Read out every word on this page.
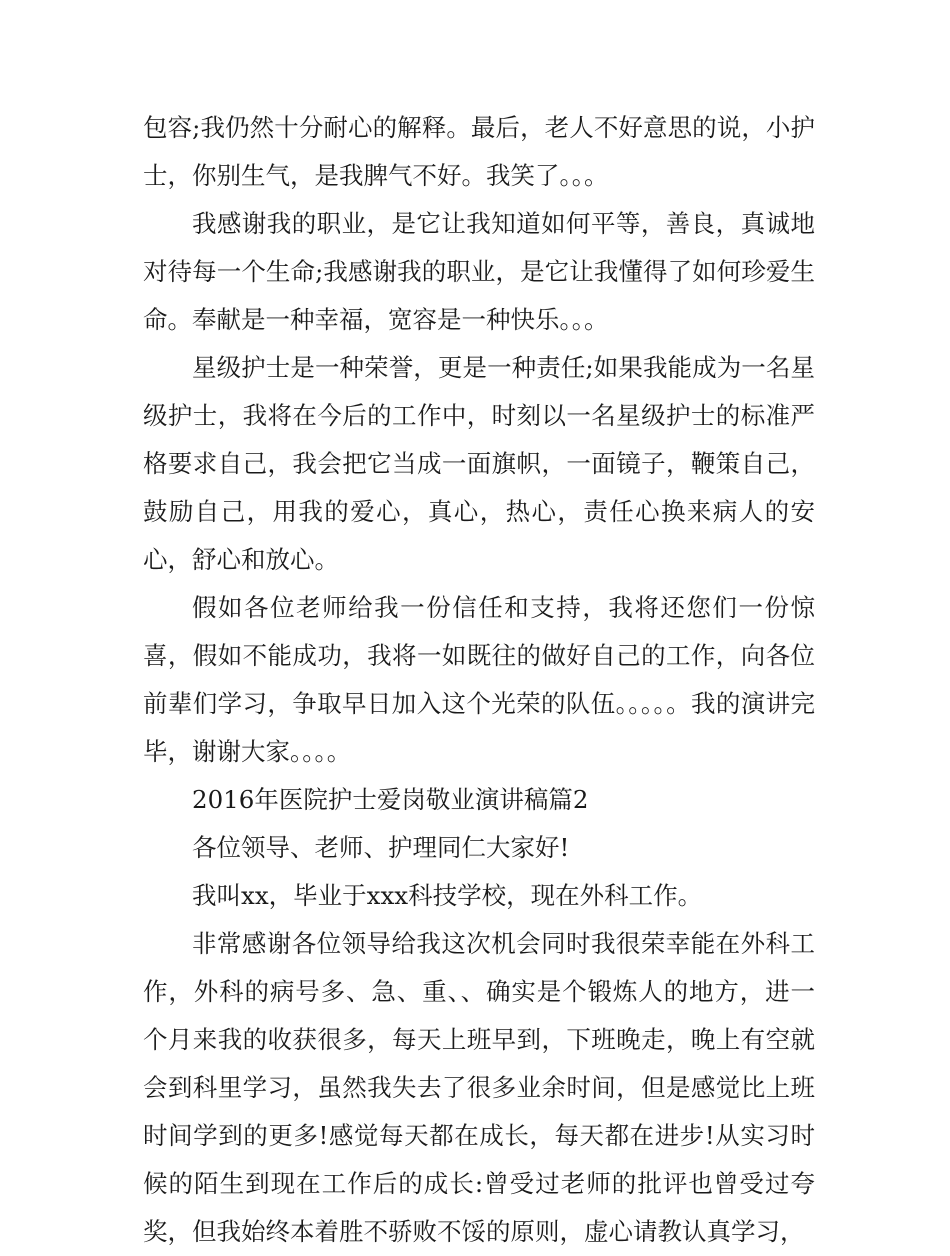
包容;我仍然十分耐心的解释。最后，老人不好意思的说，小护士，你别生气，是我脾气不好。我笑了。。。

我感谢我的职业，是它让我知道如何平等，善良，真诚地对待每一个生命;我感谢我的职业，是它让我懂得了如何珍爱生命。奉献是一种幸福，宽容是一种快乐。。。

星级护士是一种荣誉，更是一种责任;如果我能成为一名星级护士，我将在今后的工作中，时刻以一名星级护士的标准严格要求自己，我会把它当成一面旗帜，一面镜子，鞭策自己，鼓励自己，用我的爱心，真心，热心，责任心换来病人的安心，舒心和放心。

假如各位老师给我一份信任和支持，我将还您们一份惊喜，假如不能成功，我将一如既往的做好自己的工作，向各位前辈们学习，争取早日加入这个光荣的队伍。。。。。我的演讲完毕，谢谢大家。。。。

2016年医院护士爱岗敬业演讲稿篇2

各位领导、老师、护理同仁大家好!

我叫xx，毕业于xxx科技学校，现在外科工作。

非常感谢各位领导给我这次机会同时我很荣幸能在外科工作，外科的病号多、急、重、、确实是个锻炼人的地方，进一个月来我的收获很多，每天上班早到，下班晚走，晚上有空就会到科里学习，虽然我失去了很多业余时间，但是感觉比上班时间学到的更多!感觉每天都在成长，每天都在进步!从实习时候的陌生到现在工作后的成长:曾受过老师的批评也曾受过夸奖，但我始终本着胜不骄败不馁的原则，虚心请教认真学习，
